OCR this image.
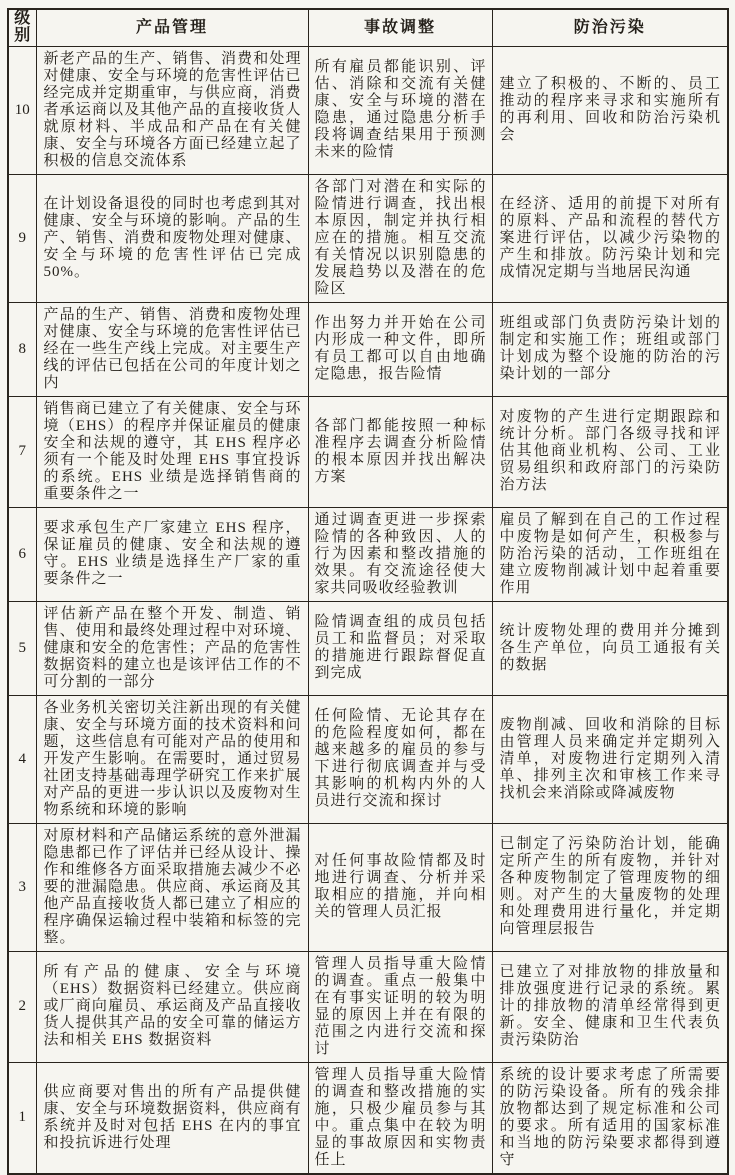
级别	产品管理	事故调整	防治污染
10	新老产品的生产、销售、消费和处理对健康、安全与环境的危害性评估已经完成并定期重审，与供应商，消费者承运商以及其他产品的直接收货人就原材料、半成品和产品在有关健康、安全与环境各方面已经建立起了积极的信息交流体系	所有雇员都能识别、评估、消除和交流有关健康、安全与环境的潜在隐患，通过隐患分析手段将调查结果用于预测未来的险情	建立了积极的、不断的、员工推动的程序来寻求和实施所有的再利用、回收和防治污染机会
9	在计划设备退役的同时也考虑到其对健康、安全与环境的影响。产品的生产、销售、消费和废物处理对健康、安全与环境的危害性评估已完成 50%。	各部门对潜在和实际的险情进行调查，找出根本原因，制定并执行相应在的措施。相互交流有关情况以识别隐患的发展趋势以及潜在的危险区	在经济、适用的前提下对所有的原料、产品和流程的替代方案进行评估，以减少污染物的产生和排放。防污染计划和完成情况定期与当地居民沟通
8	产品的生产、销售、消费和废物处理对健康、安全与环境的危害性评估已经在一些生产线上完成。对主要生产线的评估已包括在公司的年度计划之内	作出努力并开始在公司内形成一种文件，即所有员工都可以自由地确定隐患，报告险情	班组或部门负责防污染计划的制定和实施工作；班组或部门计划成为整个设施的防治的污染计划的一部分
7	销售商已建立了有关健康、安全与环境（EHS）的程序并保证雇员的健康安全和法规的遵守，其 EHS 程序必须有一个能及时处理 EHS 事宜投诉的系统。EHS 业绩是选择销售商的重要条件之一	各部门都能按照一种标准程序去调查分析险情的根本原因并找出解决方案	对废物的产生进行定期跟踪和统计分析。部门各级寻找和评估其他商业机构、公司、工业贸易组织和政府部门的污染防治方法
6	要求承包生产厂家建立 EHS 程序，保证雇员的健康、安全和法规的遵守。EHS 业绩是选择生产厂家的重要条件之一	通过调查更进一步探索险情的各种致因、人的行为因素和整改措施的效果。有交流途径使大家共同吸收经验教训	雇员了解到在自己的工作过程中废物是如何产生，积极参与防治污染的活动，工作班组在建立废物削减计划中起着重要作用
5	评估新产品在整个开发、制造、销售、使用和最终处理过程中对环境、健康和安全的危害性；产品的危害性数据资料的建立也是该评估工作的不可分割的一部分	险情调查组的成员包括员工和监督员；对采取的措施进行跟踪督促直到完成	统计废物处理的费用并分摊到各生产单位，向员工通报有关的数据
4	各业务机关密切关注新出现的有关健康、安全与环境方面的技术资料和问题，这些信息有可能对产品的使用和开发产生影响。在需要时，通过贸易社团支持基础毒理学研究工作来扩展对产品的更进一步认识以及废物对生物系统和环境的影响	任何险情、无论其存在的危险程度如何，都在越来越多的雇员的参与下进行彻底调查并与受其影响的机构内外的人员进行交流和探讨	废物削减、回收和消除的目标由管理人员来确定并定期列入清单，对废物进行定期列入清单、排列主次和审核工作来寻找机会来消除或降减废物
3	对原材料和产品储运系统的意外泄漏隐患都已作了评估并已经从设计、操作和维修各方面采取措施去减少不必要的泄漏隐患。供应商、承运商及其他产品直接收货人都已建立了相应的程序确保运输过程中装箱和标签的完整。	对任何事故险情都及时地进行调查、分析并采取相应的措施，并向相关的管理人员汇报	已制定了污染防治计划，能确定所产生的所有废物，并针对各种废物制定了管理废物的细则。对产生的大量废物的处理和处理费用进行量化，并定期向管理层报告
2	所有产品的健康、安全与环境（EHS）数据资料已经建立。供应商或厂商向雇员、承运商及产品直接收货人提供其产品的安全可靠的储运方法和相关 EHS 数据资料	管理人员指导重大险情的调查。重点一般集中在有事实证明的较为明显的原因上并在有限的范围之内进行交流和探讨	已建立了对排放物的排放量和排放强度进行记录的系统。累计的排放物的清单经常得到更新。安全、健康和卫生代表负责污染防治
1	供应商要对售出的所有产品提供健康、安全与环境数据资料，供应商有系统并及时对包括 EHS 在内的事宜和投抗诉进行处理	管理人员指导重大险情的调查和整改措施的实施，只极少雇员参与其中。重点集中在较为明显的事故原因和实物责任上	系统的设计要求考虑了所需要的防污染设备。所有的残余排放物都达到了规定标准和公司的要求。所有适用的国家标准和当地的防污染要求都得到遵守
